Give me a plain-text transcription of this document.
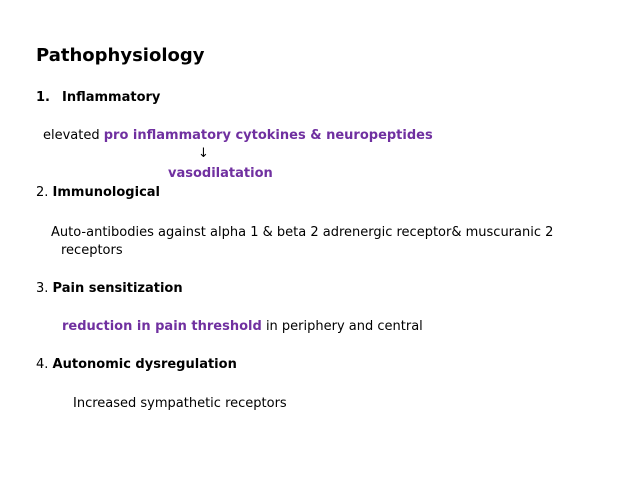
Pathophysiology
1. Inflammatory
elevated pro inflammatory cytokines & neuropeptides
↓
vasodilatation
2. Immunological
Auto-antibodies against alpha 1 & beta 2 adrenergic receptor& muscuranic 2
receptors
3. Pain sensitization
reduction in pain threshold in periphery and central
4. Autonomic dysregulation
Increased sympathetic receptors
